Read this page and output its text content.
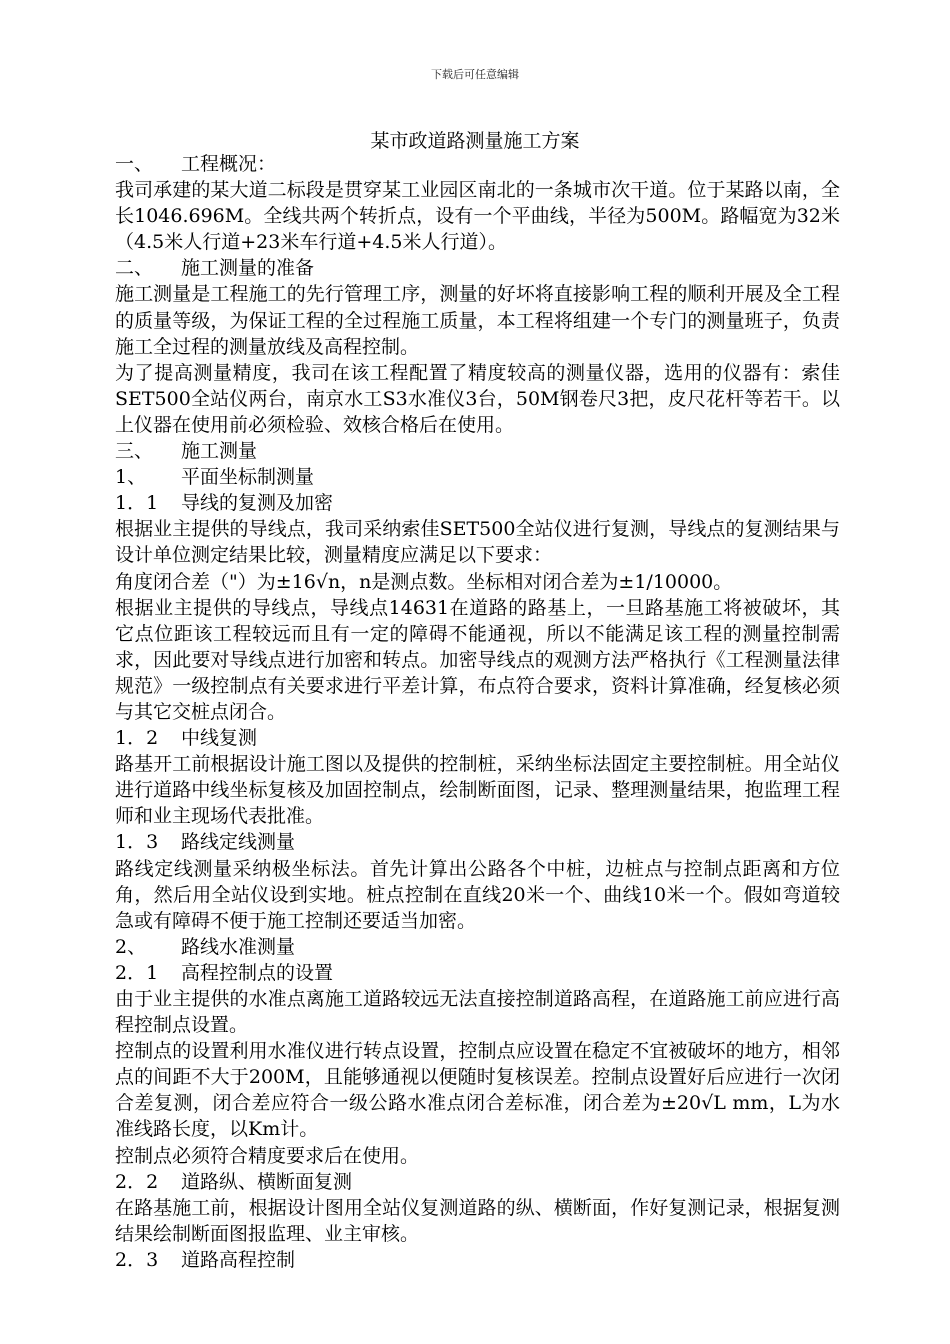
下载后可任意编辑
某市政道路测量施工方案
一、 工程概况：
我司承建的某大道二标段是贯穿某工业园区南北的一条城市次干道。位于某路以南，全长1046.696M。全线共两个转折点，设有一个平曲线，半径为500M。路幅宽为32米（4.5米人行道+23米车行道+4.5米人行道）。
二、 施工测量的准备
施工测量是工程施工的先行管理工序，测量的好坏将直接影响工程的顺利开展及全工程的质量等级，为保证工程的全过程施工质量，本工程将组建一个专门的测量班子，负责施工全过程的测量放线及高程控制。
为了提高测量精度，我司在该工程配置了精度较高的测量仪器，选用的仪器有：索佳SET500全站仪两台，南京水工S3水准仪3台，50M钢卷尺3把，皮尺花杆等若干。以上仪器在使用前必须检验、效核合格后在使用。
三、 施工测量
1、 平面坐标制测量
1．1 导线的复测及加密
根据业主提供的导线点，我司采纳索佳SET500全站仪进行复测，导线点的复测结果与设计单位测定结果比较，测量精度应满足以下要求：
角度闭合差（"）为±16√n，n是测点数。坐标相对闭合差为±1/10000。
根据业主提供的导线点，导线点14631在道路的路基上，一旦路基施工将被破坏，其它点位距该工程较远而且有一定的障碍不能通视，所以不能满足该工程的测量控制需求，因此要对导线点进行加密和转点。加密导线点的观测方法严格执行《工程测量法律规范》一级控制点有关要求进行平差计算，布点符合要求，资料计算准确，经复核必须与其它交桩点闭合。
1．2 中线复测
路基开工前根据设计施工图以及提供的控制桩，采纳坐标法固定主要控制桩。用全站仪进行道路中线坐标复核及加固控制点，绘制断面图，记录、整理测量结果，抱监理工程师和业主现场代表批准。
1．3 路线定线测量
路线定线测量采纳极坐标法。首先计算出公路各个中桩，边桩点与控制点距离和方位角，然后用全站仪设到实地。桩点控制在直线20米一个、曲线10米一个。假如弯道较急或有障碍不便于施工控制还要适当加密。
2、 路线水准测量
2．1 高程控制点的设置
由于业主提供的水准点离施工道路较远无法直接控制道路高程，在道路施工前应进行高程控制点设置。
控制点的设置利用水准仪进行转点设置，控制点应设置在稳定不宜被破坏的地方，相邻点的间距不大于200M，且能够通视以便随时复核误差。控制点设置好后应进行一次闭合差复测，闭合差应符合一级公路水准点闭合差标准，闭合差为±20√L mm，L为水准线路长度，以Km计。
控制点必须符合精度要求后在使用。
2．2 道路纵、横断面复测
在路基施工前，根据设计图用全站仪复测道路的纵、横断面，作好复测记录，根据复测结果绘制断面图报监理、业主审核。
2．3 道路高程控制
